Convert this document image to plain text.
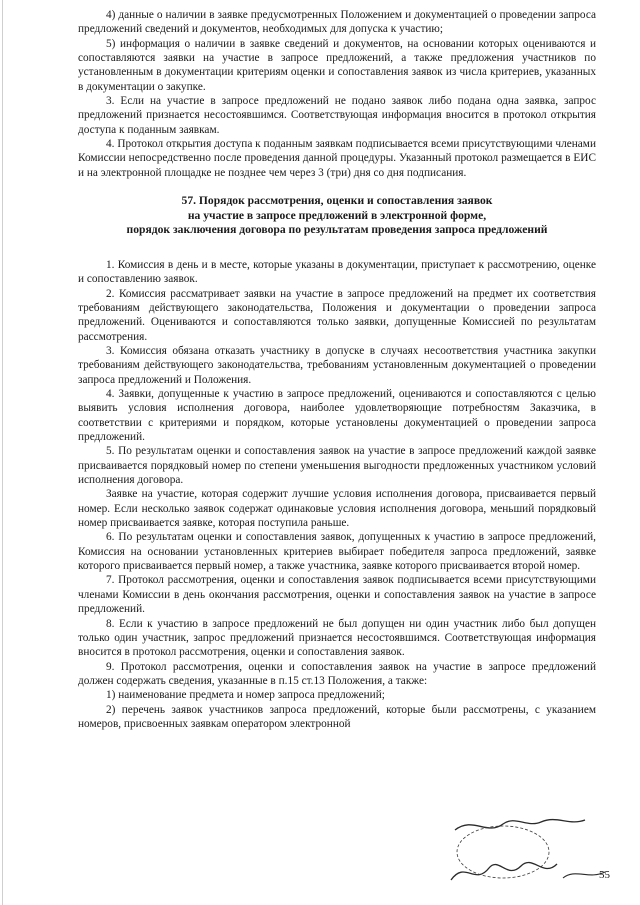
4) данные о наличии в заявке предусмотренных Положением и документацией о проведении запроса предложений сведений и документов, необходимых для допуска к участию;

5) информация о наличии в заявке сведений и документов, на основании которых оцениваются и сопоставляются заявки на участие в запросе предложений, а также предложения участников по установленным в документации критериям оценки и сопоставления заявок из числа критериев, указанных в документации о закупке.

3. Если на участие в запросе предложений не подано заявок либо подана одна заявка, запрос предложений признается несостоявшимся. Соответствующая информация вносится в протокол открытия доступа к поданным заявкам.

4. Протокол открытия доступа к поданным заявкам подписывается всеми присутствующими членами Комиссии непосредственно после проведения данной процедуры. Указанный протокол размещается в ЕИС и на электронной площадке не позднее чем через 3 (три) дня со дня подписания.

57. Порядок рассмотрения, оценки и сопоставления заявок
на участие в запросе предложений в электронной форме,
порядок заключения договора по результатам проведения запроса предложений

1. Комиссия в день и в месте, которые указаны в документации, приступает к рассмотрению, оценке и сопоставлению заявок.

2. Комиссия рассматривает заявки на участие в запросе предложений на предмет их соответствия требованиям действующего законодательства, Положения и документации о проведении запроса предложений. Оцениваются и сопоставляются только заявки, допущенные Комиссией по результатам рассмотрения.

3. Комиссия обязана отказать участнику в допуске в случаях несоответствия участника закупки требованиям действующего законодательства, требованиям установленным документацией о проведении запроса предложений и Положения.

4. Заявки, допущенные к участию в запросе предложений, оцениваются и сопоставляются с целью выявить условия исполнения договора, наиболее удовлетворяющие потребностям Заказчика, в соответствии с критериями и порядком, которые установлены документацией о проведении запроса предложений.

5. По результатам оценки и сопоставления заявок на участие в запросе предложений каждой заявке присваивается порядковый номер по степени уменьшения выгодности предложенных участником условий исполнения договора.

Заявке на участие, которая содержит лучшие условия исполнения договора, присваивается первый номер. Если несколько заявок содержат одинаковые условия исполнения договора, меньший порядковый номер присваивается заявке, которая поступила раньше.

6. По результатам оценки и сопоставления заявок, допущенных к участию в запросе предложений, Комиссия на основании установленных критериев выбирает победителя запроса предложений, заявке которого присваивается первый номер, а также участника, заявке которого присваивается второй номер.

7. Протокол рассмотрения, оценки и сопоставления заявок подписывается всеми присутствующими членами Комиссии в день окончания рассмотрения, оценки и сопоставления заявок на участие в запросе предложений.

8. Если к участию в запросе предложений не был допущен ни один участник либо был допущен только один участник, запрос предложений признается несостоявшимся. Соответствующая информация вносится в протокол рассмотрения, оценки и сопоставления заявок.

9. Протокол рассмотрения, оценки и сопоставления заявок на участие в запросе предложений должен содержать сведения, указанные в п.15 ст.13 Положения, а также:

1) наименование предмета и номер запроса предложений;

2) перечень заявок участников запроса предложений, которые были рассмотрены, с указанием номеров, присвоенных заявкам оператором электронной

55
